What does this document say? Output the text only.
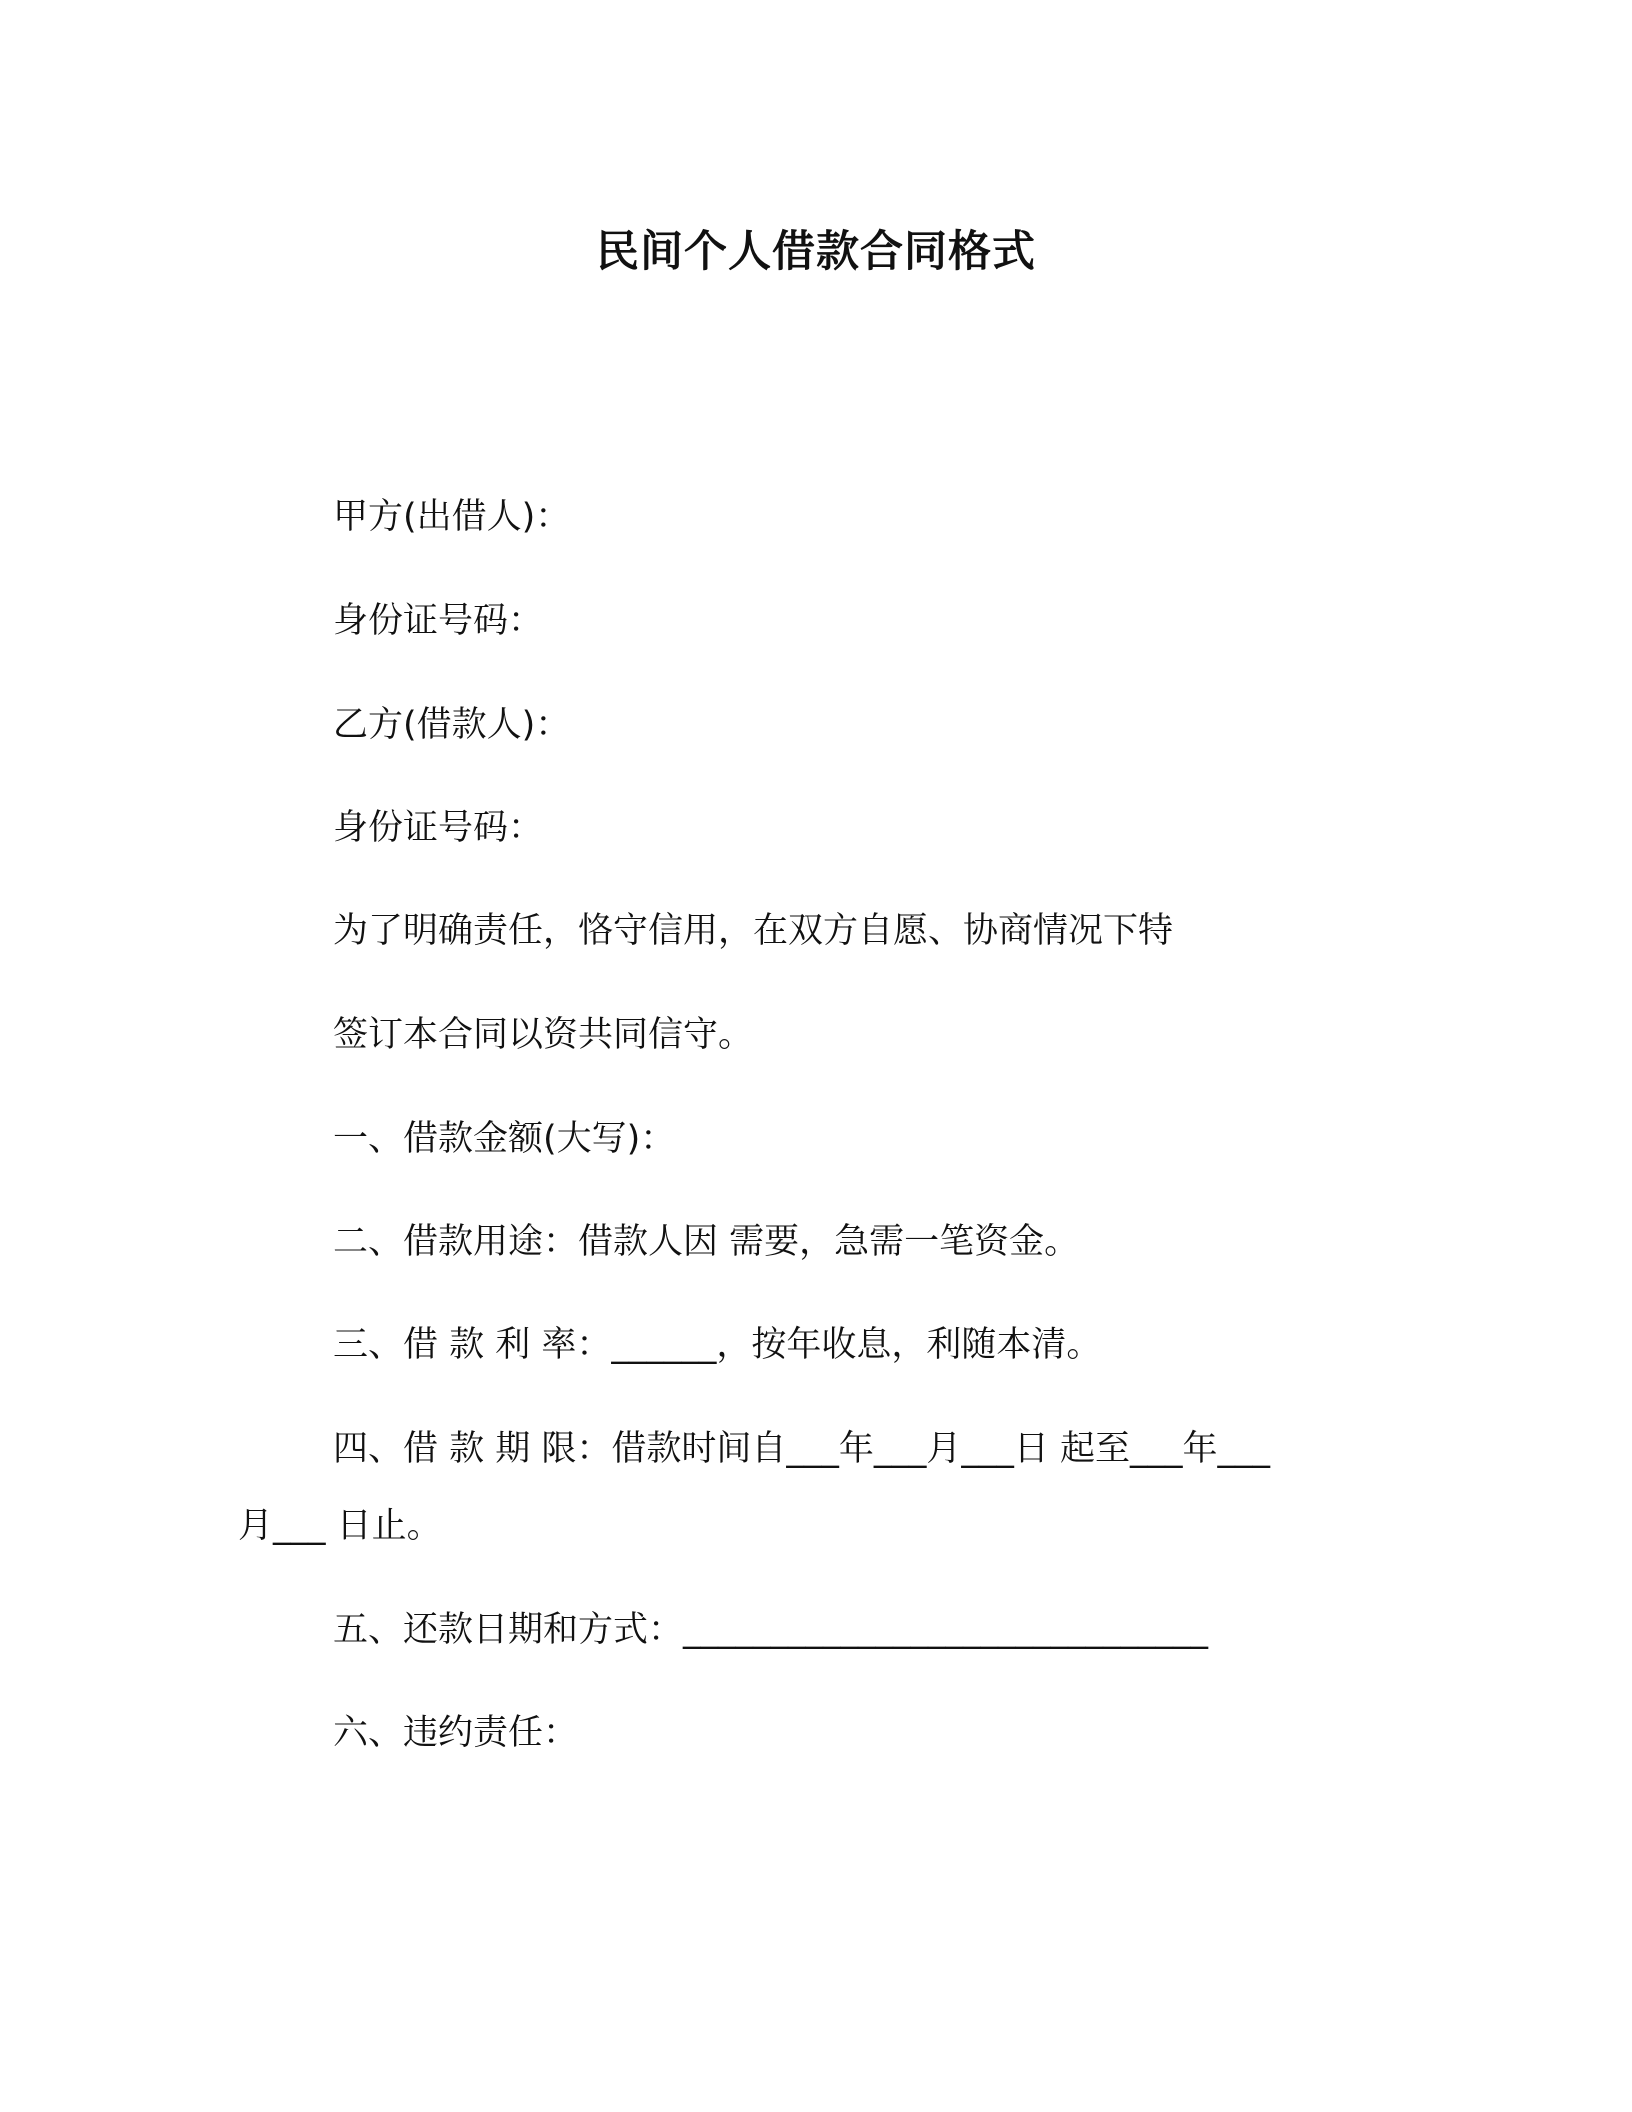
民间个人借款合同格式
甲方(出借人)：
身份证号码：
乙方(借款人)：
身份证号码：
为了明确责任，恪守信用，在双方自愿、协商情况下特
签订本合同以资共同信守。
一、借款金额(大写)：
二、借款用途：借款人因 需要，急需一笔资金。
三、借 款 利 率：______，按年收息，利随本清。
四、借 款 期 限：借款时间自___年___月___日 起至___年___
月___ 日止。
五、还款日期和方式：______________________________
六、违约责任：
